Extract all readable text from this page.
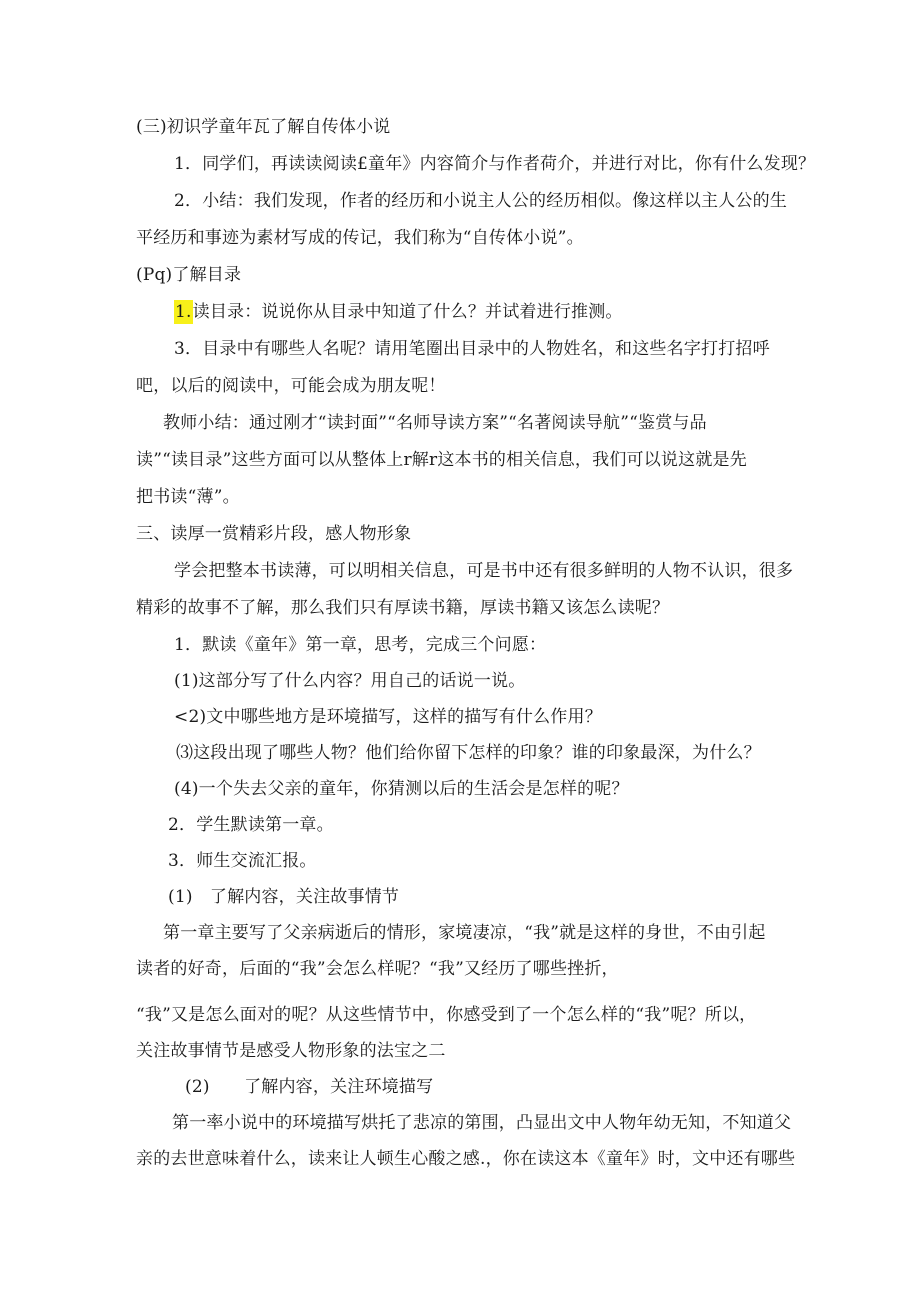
(三)初识学童年瓦了解自传体小说
1．同学们，再读读阅读£童年》内容简介与作者荷介，并进行对比，你有什么发现？
2．小结：我们发现，作者的经历和小说主人公的经历相似。像这样以主人公的生
平经历和事迹为素材写成的传记，我们称为“自传体小说”。
(Pq)了解目录
1.读目录：说说你从目录中知道了什么？并试着进行推测。
3．目录中有哪些人名呢？请用笔圈出目录中的人物姓名，和这些名字打打招呼
吧，以后的阅读中，可能会成为朋友呢！
教师小结：通过刚才“读封面”“名师导读方案”“名著阅读导航”“鉴赏与品
读”“读目录”这些方面可以从整体上r解r这本书的相关信息，我们可以说这就是先
把书读“薄”。
三、读厚一赏精彩片段，感人物形象
学会把整本书读薄，可以明相关信息，可是书中还有很多鲜明的人物不认识，很多
精彩的故事不了解，那么我们只有厚读书籍，厚读书籍又该怎么读呢？
1．默读《童年》第一章，思考，完成三个问愿：
(1)这部分写了什么内容？用自己的话说一说。
<2)文中哪些地方是环境描写，这样的描写有什么作用？
⑶这段出现了哪些人物？他们给你留下怎样的印象？谁的印象最深，为什么？
(4)一个失去父亲的童年，你猜测以后的生活会是怎样的呢？
2．学生默读第一章。
3．师生交流汇报。
(1)　了解内容，关注故事情节
第一章主要写了父亲病逝后的情形，家境凄凉，“我”就是这样的身世，不由引起
读者的好奇，后面的“我”会怎么样呢？“我”又经历了哪些挫折，
“我”又是怎么面对的呢？从这些情节中，你感受到了一个怎么样的“我”呢？所以，
关注故事情节是感受人物形象的法宝之二
(2)　　了解内容，关注环境描写
第一率小说中的环境描写烘托了悲凉的第围，凸显出文中人物年幼无知，不知道父
亲的去世意味着什么，读来让人顿生心酸之感.，你在读这本《童年》时，文中还有哪些
